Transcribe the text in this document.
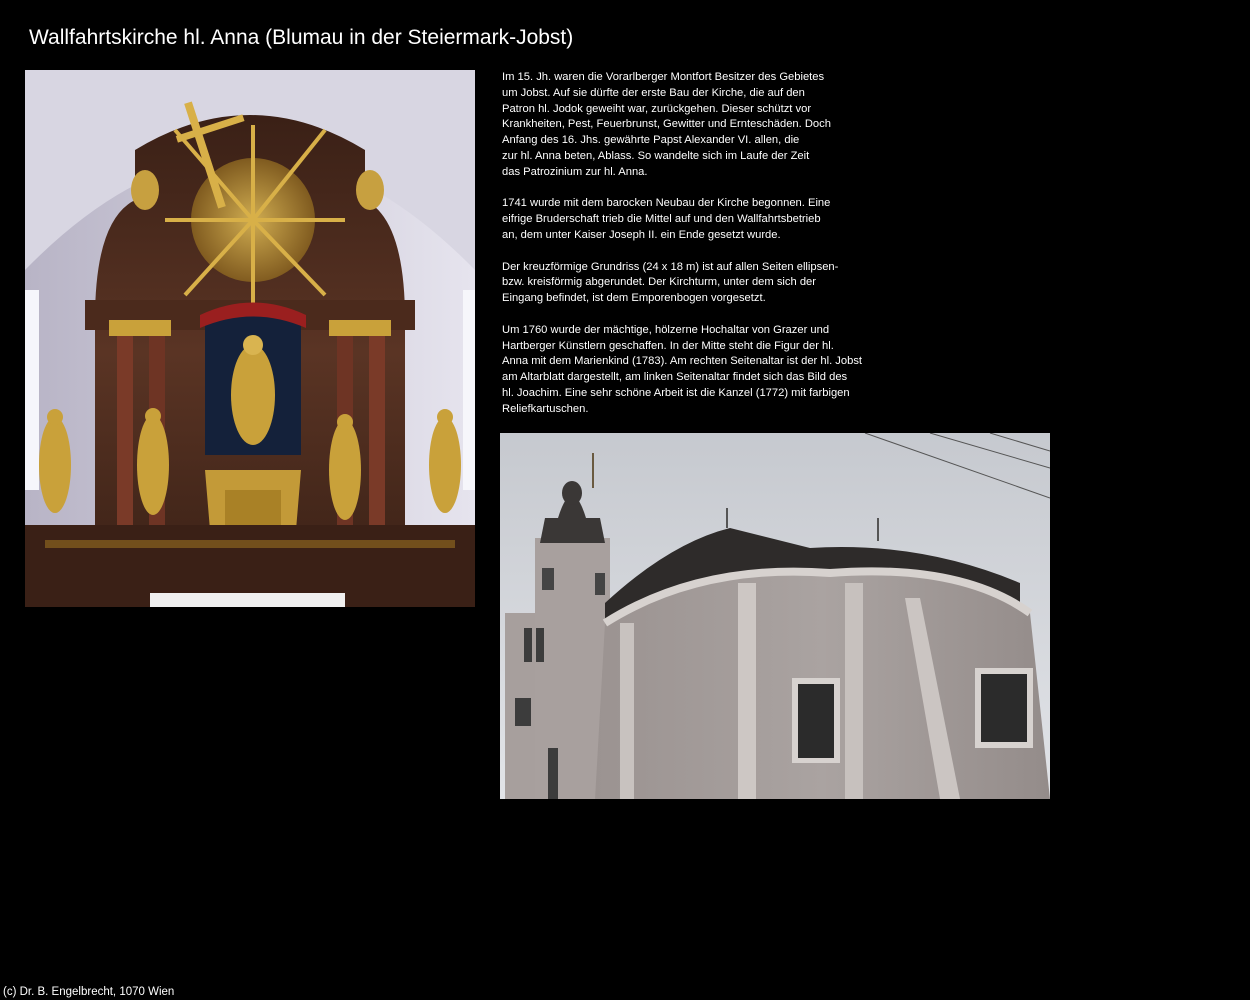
Wallfahrtskirche hl. Anna (Blumau in der Steiermark-Jobst)

Im 15. Jh. waren die Vorarlberger Montfort Besitzer des Gebietes
um Jobst. Auf sie dürfte der erste Bau der Kirche, die auf den
Patron hl. Jodok geweiht war, zurückgehen. Dieser schützt vor
Krankheiten, Pest, Feuerbrunst, Gewitter und Ernteschäden. Doch
Anfang des 16. Jhs. gewährte Papst Alexander VI. allen, die
zur hl. Anna beten, Ablass. So wandelte sich im Laufe der Zeit
das Patrozinium zur hl. Anna.

1741 wurde mit dem barocken Neubau der Kirche begonnen. Eine
eifrige Bruderschaft trieb die Mittel auf und den Wallfahrtsbetrieb
an, dem unter Kaiser Joseph II. ein Ende gesetzt wurde.

Der kreuzförmige Grundriss (24 x 18 m) ist auf allen Seiten ellipsen-
bzw. kreisförmig abgerundet. Der Kirchturm, unter dem sich der
Eingang befindet, ist dem Emporenbogen vorgesetzt.

Um 1760 wurde der mächtige, hölzerne Hochaltar von Grazer und
Hartberger Künstlern geschaffen. In der Mitte steht die Figur der hl.
Anna mit dem Marienkind (1783). Am rechten Seitenaltar ist der hl. Jobst
am Altarblatt dargestellt, am linken Seitenaltar findet sich das Bild des
hl. Joachim. Eine sehr schöne Arbeit ist die Kanzel (1772) mit farbigen
Reliefkartuschen.

(c) Dr. B. Engelbrecht, 1070 Wien
